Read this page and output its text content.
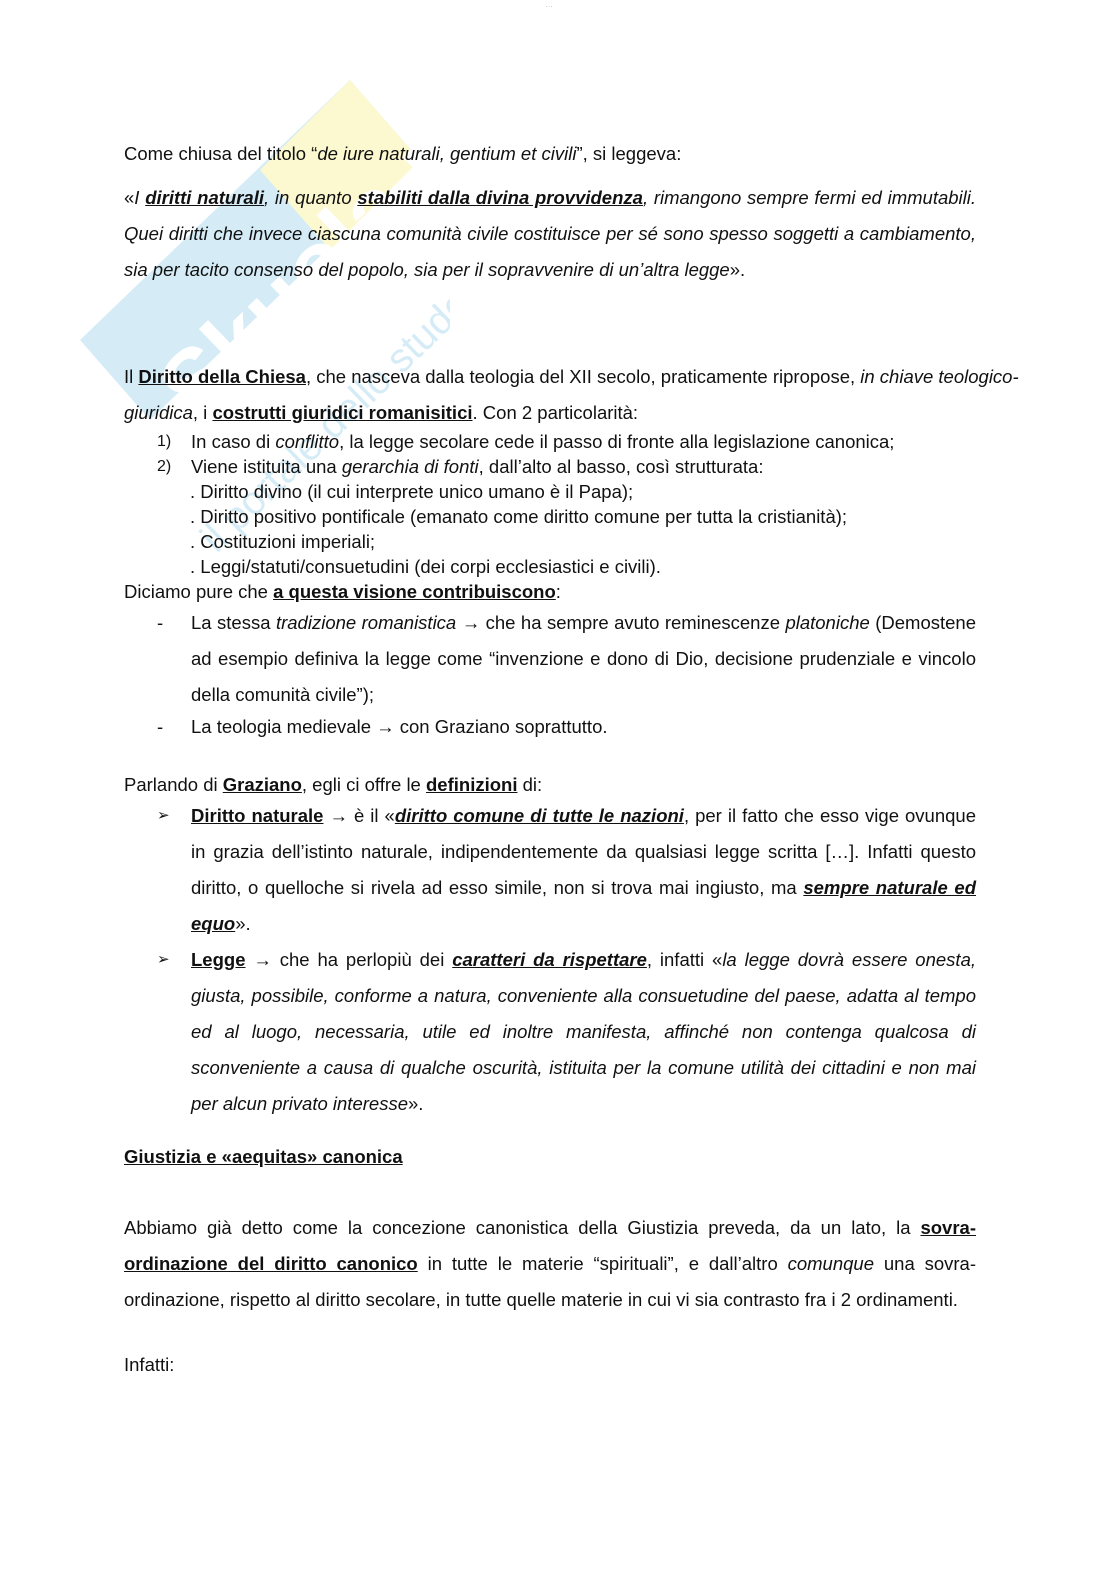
…
Skuola.net
il portale dello studente

Come chiusa del titolo “de iure naturali, gentium et civili”, si leggeva:

«I diritti naturali, in quanto stabiliti dalla divina provvidenza, rimangono sempre fermi ed immutabili. Quei diritti che invece ciascuna comunità civile costituisce per sé sono spesso soggetti a cambiamento, sia per tacito consenso del popolo, sia per il sopravvenire di un’altra legge».

Il Diritto della Chiesa, che nasceva dalla teologia del XII secolo, praticamente ripropose, in chiave teologico-giuridica, i costrutti giuridici romanisitici. Con 2 particolarità:

1)	In caso di conflitto, la legge secolare cede il passo di fronte alla legislazione canonica;
2)	Viene istituita una gerarchia di fonti, dall’alto al basso, così strutturata:
. Diritto divino (il cui interprete unico umano è il Papa);
. Diritto positivo pontificale (emanato come diritto comune per tutta la cristianità);
. Costituzioni imperiali;
. Leggi/statuti/consuetudini (dei corpi ecclesiastici e civili).

Diciamo pure che a questa visione contribuiscono:

-	La stessa tradizione romanistica → che ha sempre avuto reminescenze platoniche (Demostene ad esempio definiva la legge come “invenzione e dono di Dio, decisione prudenziale e vincolo della comunità civile”);
-	La teologia medievale → con Graziano soprattutto.

Parlando di Graziano, egli ci offre le definizioni di:

➢	Diritto naturale → è il «diritto comune di tutte le nazioni, per il fatto che esso vige ovunque in grazia dell’istinto naturale, indipendentemente da qualsiasi legge scritta […]. Infatti questo diritto, o quelloche si rivela ad esso simile, non si trova mai ingiusto, ma sempre naturale ed equo».
➢	Legge → che ha perlopiù dei caratteri da rispettare, infatti «la legge dovrà essere onesta, giusta, possibile, conforme a natura, conveniente alla consuetudine del paese, adatta al tempo ed al luogo, necessaria, utile ed inoltre manifesta, affinché non contenga qualcosa di sconveniente a causa di qualche oscurità, istituita per la comune utilità dei cittadini e non mai per alcun privato interesse».
Giustizia e «aequitas» canonica

Abbiamo già detto come la concezione canonistica della Giustizia preveda, da un lato, la sovra-ordinazione del diritto canonico in tutte le materie “spirituali”, e dall’altro comunque una sovra-ordinazione, rispetto al diritto secolare, in tutte quelle materie in cui vi sia contrasto fra i 2 ordinamenti.

Infatti:
